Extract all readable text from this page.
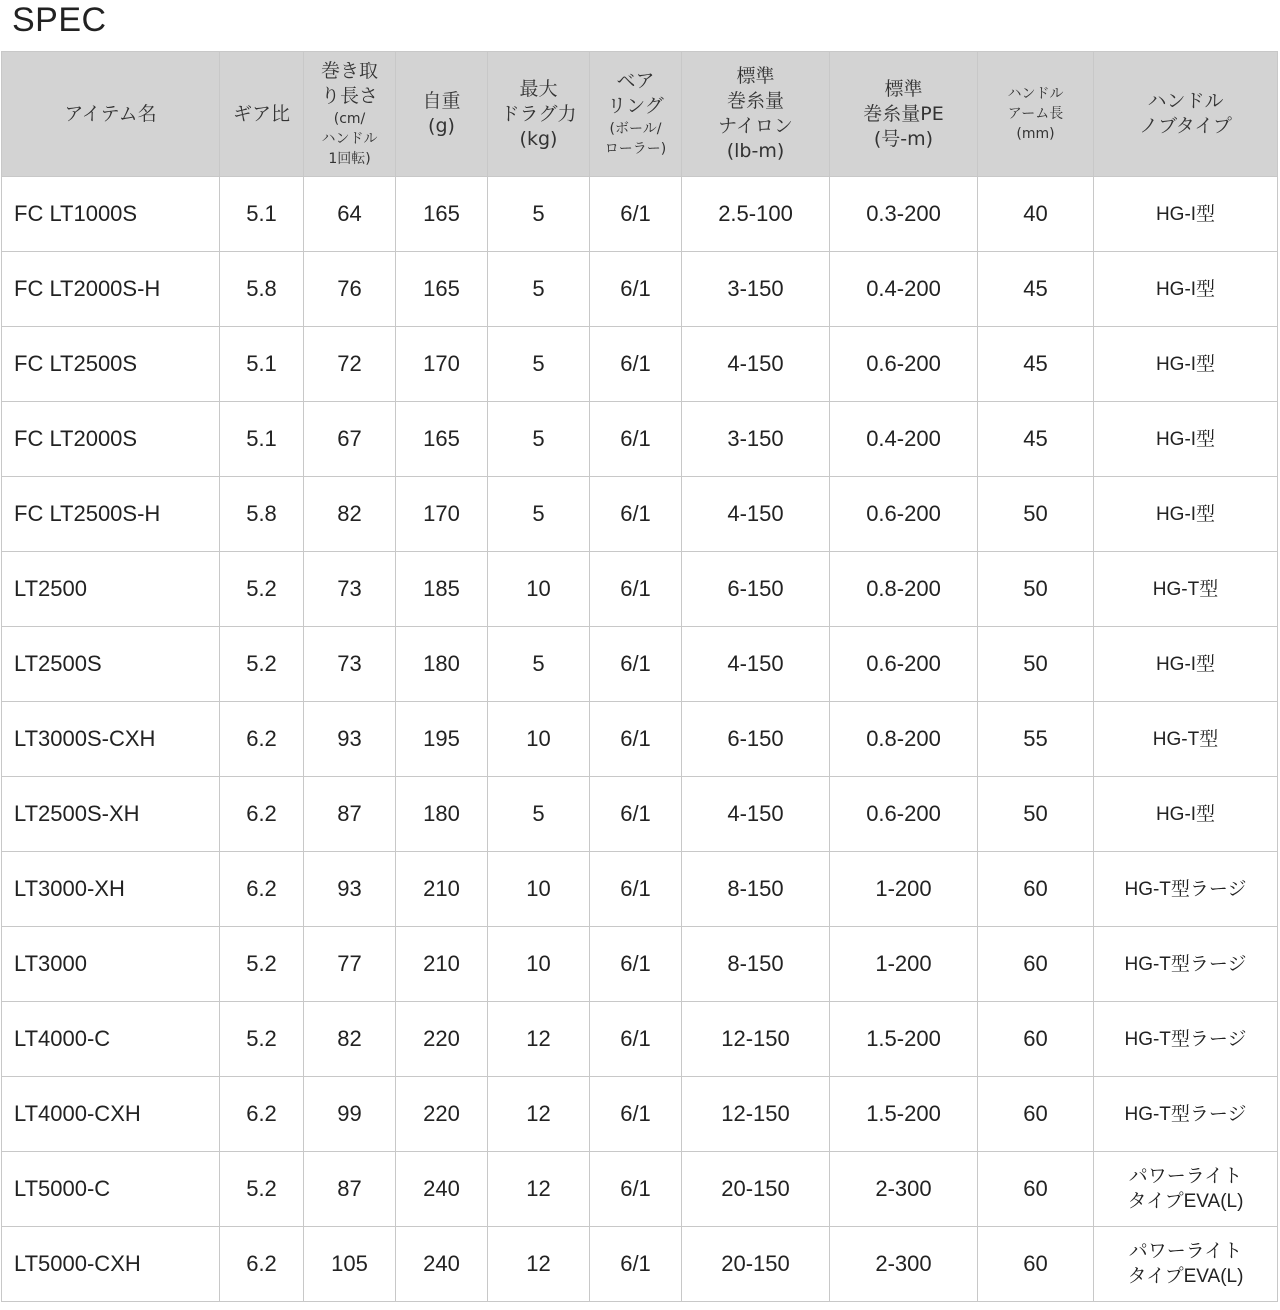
SPEC
アイテム名	ギア比	巻き取
り長さ
(cm/
ハンドル
1回転)	自重
(g)	最大
ドラグ力
(kg)	ベア
リング
(ボール/
ローラー)	標準
巻糸量
ナイロン
(lb-m)	標準
巻糸量PE
(号-m)	ハンドル
アーム長
(mm)	ハンドル
ノブタイプ

FC LT1000S	5.1	64	165	5	6/1	2.5-100	0.3-200	40	HG-I型
FC LT2000S-H	5.8	76	165	5	6/1	3-150	0.4-200	45	HG-I型
FC LT2500S	5.1	72	170	5	6/1	4-150	0.6-200	45	HG-I型
FC LT2000S	5.1	67	165	5	6/1	3-150	0.4-200	45	HG-I型
FC LT2500S-H	5.8	82	170	5	6/1	4-150	0.6-200	50	HG-I型
LT2500	5.2	73	185	10	6/1	6-150	0.8-200	50	HG-T型
LT2500S	5.2	73	180	5	6/1	4-150	0.6-200	50	HG-I型
LT3000S-CXH	6.2	93	195	10	6/1	6-150	0.8-200	55	HG-T型
LT2500S-XH	6.2	87	180	5	6/1	4-150	0.6-200	50	HG-I型
LT3000-XH	6.2	93	210	10	6/1	8-150	1-200	60	HG-T型ラージ
LT3000	5.2	77	210	10	6/1	8-150	1-200	60	HG-T型ラージ
LT4000-C	5.2	82	220	12	6/1	12-150	1.5-200	60	HG-T型ラージ
LT4000-CXH	6.2	99	220	12	6/1	12-150	1.5-200	60	HG-T型ラージ
LT5000-C	5.2	87	240	12	6/1	20-150	2-300	60	パワーライト
タイプEVA(L)
LT5000-CXH	6.2	105	240	12	6/1	20-150	2-300	60	パワーライト
タイプEVA(L)
